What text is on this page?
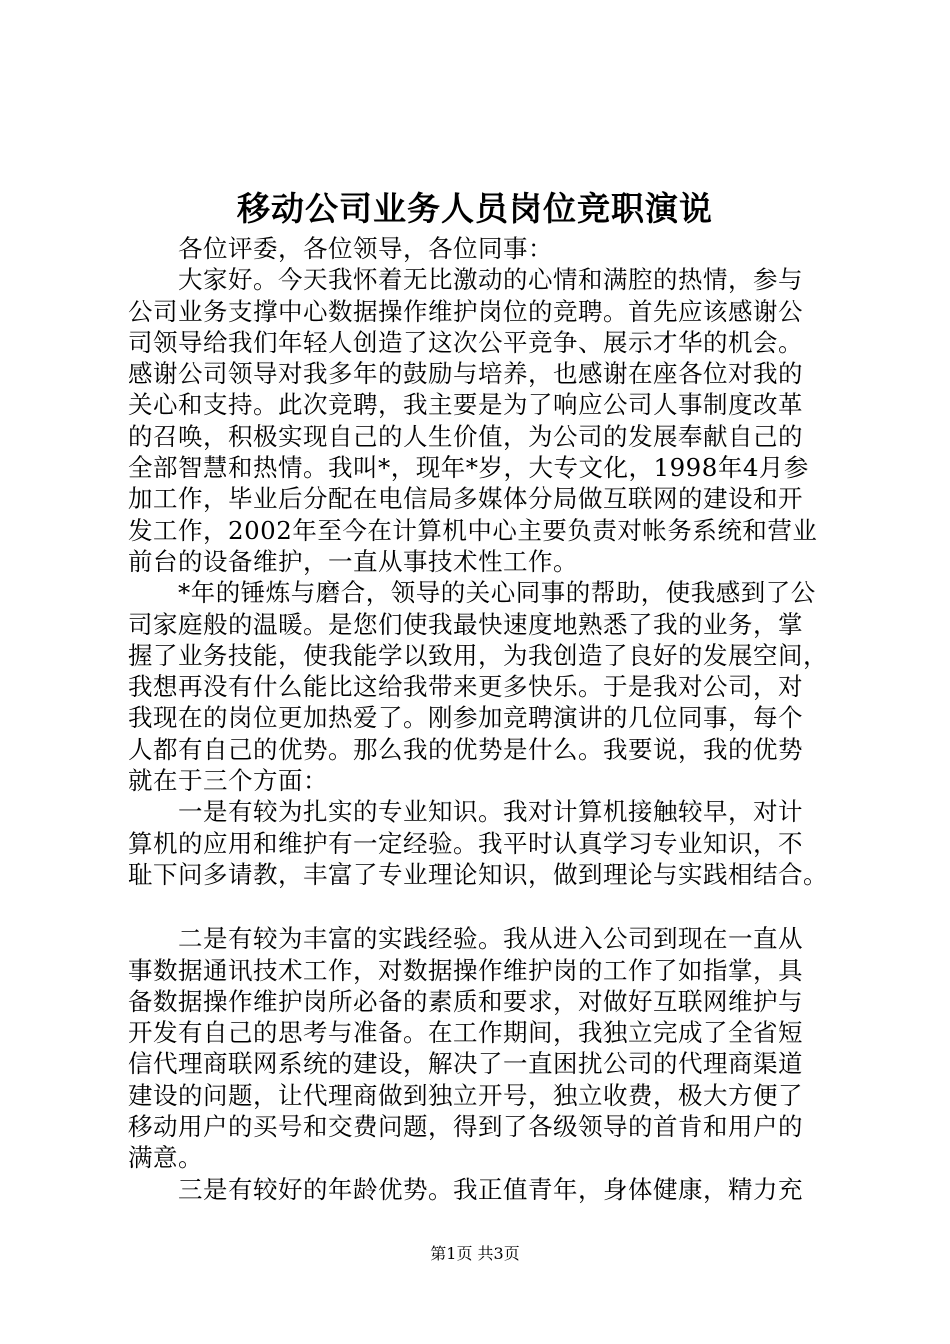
移动公司业务人员岗位竞职演说
各位评委，各位领导，各位同事：
大家好。今天我怀着无比激动的心情和满腔的热情，参与
公司业务支撑中心数据操作维护岗位的竞聘。首先应该感谢公
司领导给我们年轻人创造了这次公平竞争、展示才华的机会。
感谢公司领导对我多年的鼓励与培养，也感谢在座各位对我的
关心和支持。此次竞聘，我主要是为了响应公司人事制度改革
的召唤，积极实现自己的人生价值，为公司的发展奉献自己的
全部智慧和热情。我叫*，现年*岁，大专文化，1998年4月参
加工作，毕业后分配在电信局多媒体分局做互联网的建设和开
发工作，2002年至今在计算机中心主要负责对帐务系统和营业
前台的设备维护，一直从事技术性工作。
*年的锤炼与磨合，领导的关心同事的帮助，使我感到了公
司家庭般的温暖。是您们使我最快速度地熟悉了我的业务，掌
握了业务技能，使我能学以致用，为我创造了良好的发展空间，
我想再没有什么能比这给我带来更多快乐。于是我对公司，对
我现在的岗位更加热爱了。刚参加竞聘演讲的几位同事，每个
人都有自己的优势。那么我的优势是什么。我要说，我的优势
就在于三个方面：
一是有较为扎实的专业知识。我对计算机接触较早，对计
算机的应用和维护有一定经验。我平时认真学习专业知识，不
耻下问多请教，丰富了专业理论知识，做到理论与实践相结合。
二是有较为丰富的实践经验。我从进入公司到现在一直从
事数据通讯技术工作，对数据操作维护岗的工作了如指掌，具
备数据操作维护岗所必备的素质和要求，对做好互联网维护与
开发有自己的思考与准备。在工作期间，我独立完成了全省短
信代理商联网系统的建设，解决了一直困扰公司的代理商渠道
建设的问题，让代理商做到独立开号，独立收费，极大方便了
移动用户的买号和交费问题，得到了各级领导的首肯和用户的
满意。
三是有较好的年龄优势。我正值青年，身体健康，精力充
第1页 共3页
